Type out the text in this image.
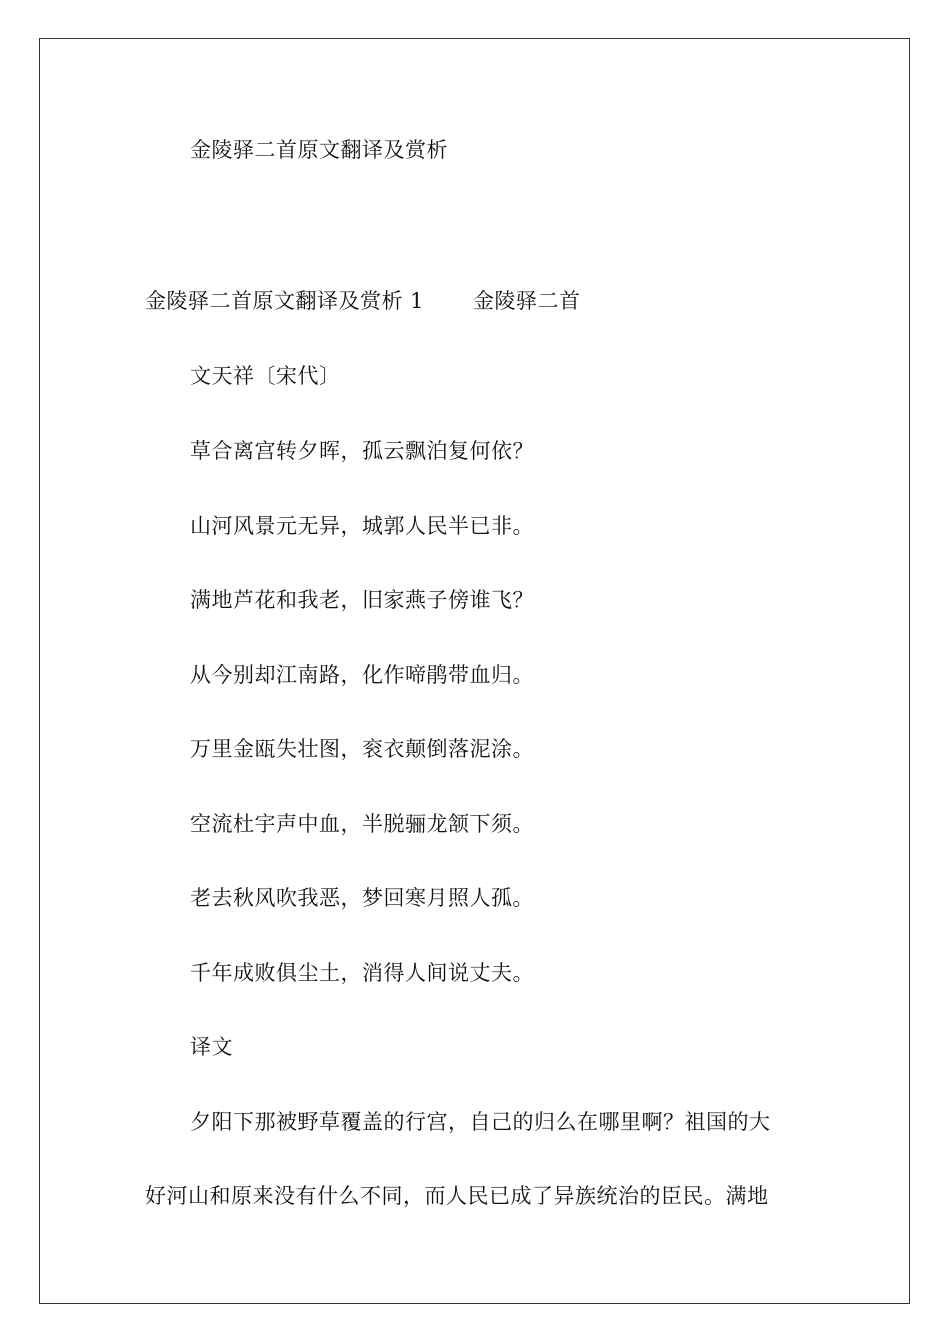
金陵驿二首原文翻译及赏析
金陵驿二首原文翻译及赏析 1 金陵驿二首
文天祥〔宋代〕
草合离宫转夕晖，孤云飘泊复何依？
山河风景元无异，城郭人民半已非。
满地芦花和我老，旧家燕子傍谁飞？
从今别却江南路，化作啼鹃带血归。
万里金瓯失壮图，衮衣颠倒落泥涂。
空流杜宇声中血，半脱骊龙颔下须。
老去秋风吹我恶，梦回寒月照人孤。
千年成败俱尘土，消得人间说丈夫。
译文
夕阳下那被野草覆盖的行宫，自己的归么在哪里啊？祖国的大
好河山和原来没有什么不同，而人民已成了异族统治的臣民。满地
